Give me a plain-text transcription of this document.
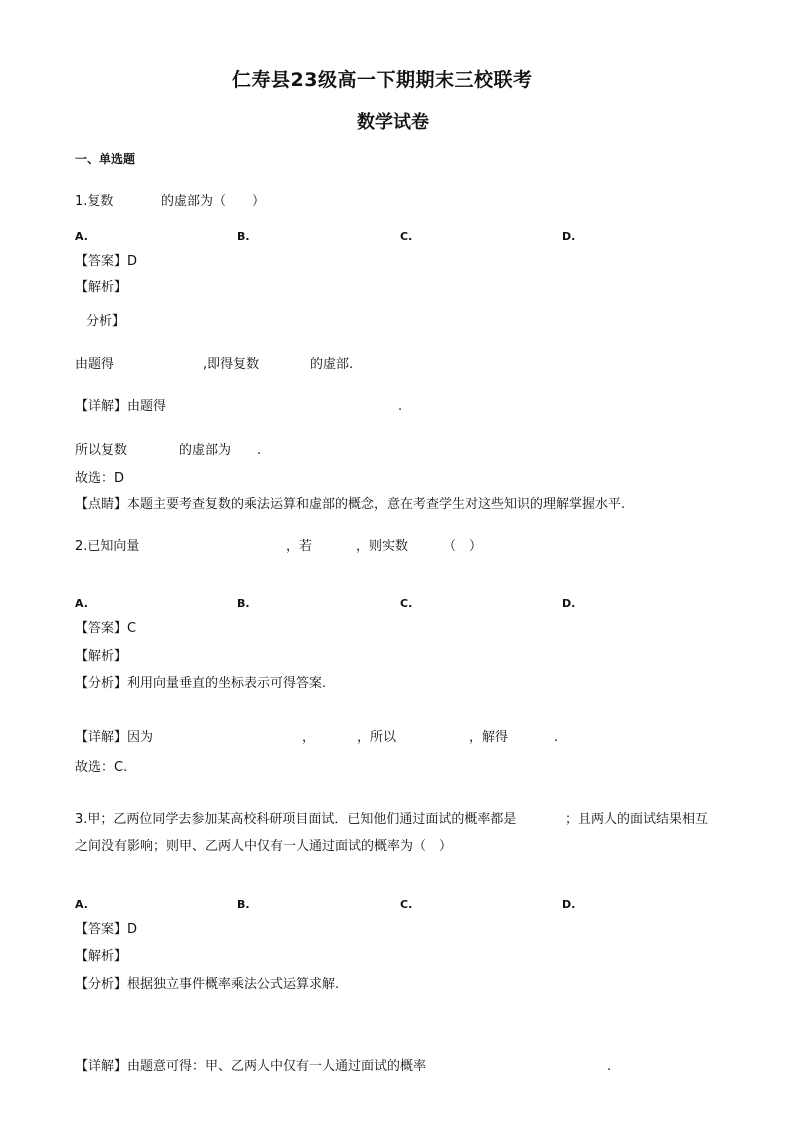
仁寿县23级高一下期期末三校联考
数学试卷
一、单选题
1.复数	的虚部为（　　）
A.	B.	C.	D.
【答案】D
【解析】
分析】
由题得	,即得复数	的虚部.
【详解】由题得	.
所以复数	的虚部为 .
故选：D
【点睛】本题主要考查复数的乘法运算和虚部的概念，意在考查学生对这些知识的理解掌握水平.
2.已知向量	，若	，则实数	（　）
A.	B.	C.	D.
【答案】C
【解析】
【分析】利用向量垂直的坐标表示可得答案.
【详解】因为	，	，所以	，解得	.
故选：C.
3.甲；乙两位同学去参加某高校科研项目面试．已知他们通过面试的概率都是	；且两人的面试结果相互
之间没有影响；则甲、乙两人中仅有一人通过面试的概率为（　）
A.	B.	C.	D.
【答案】D
【解析】
【分析】根据独立事件概率乘法公式运算求解.
【详解】由题意可得：甲、乙两人中仅有一人通过面试的概率	.
